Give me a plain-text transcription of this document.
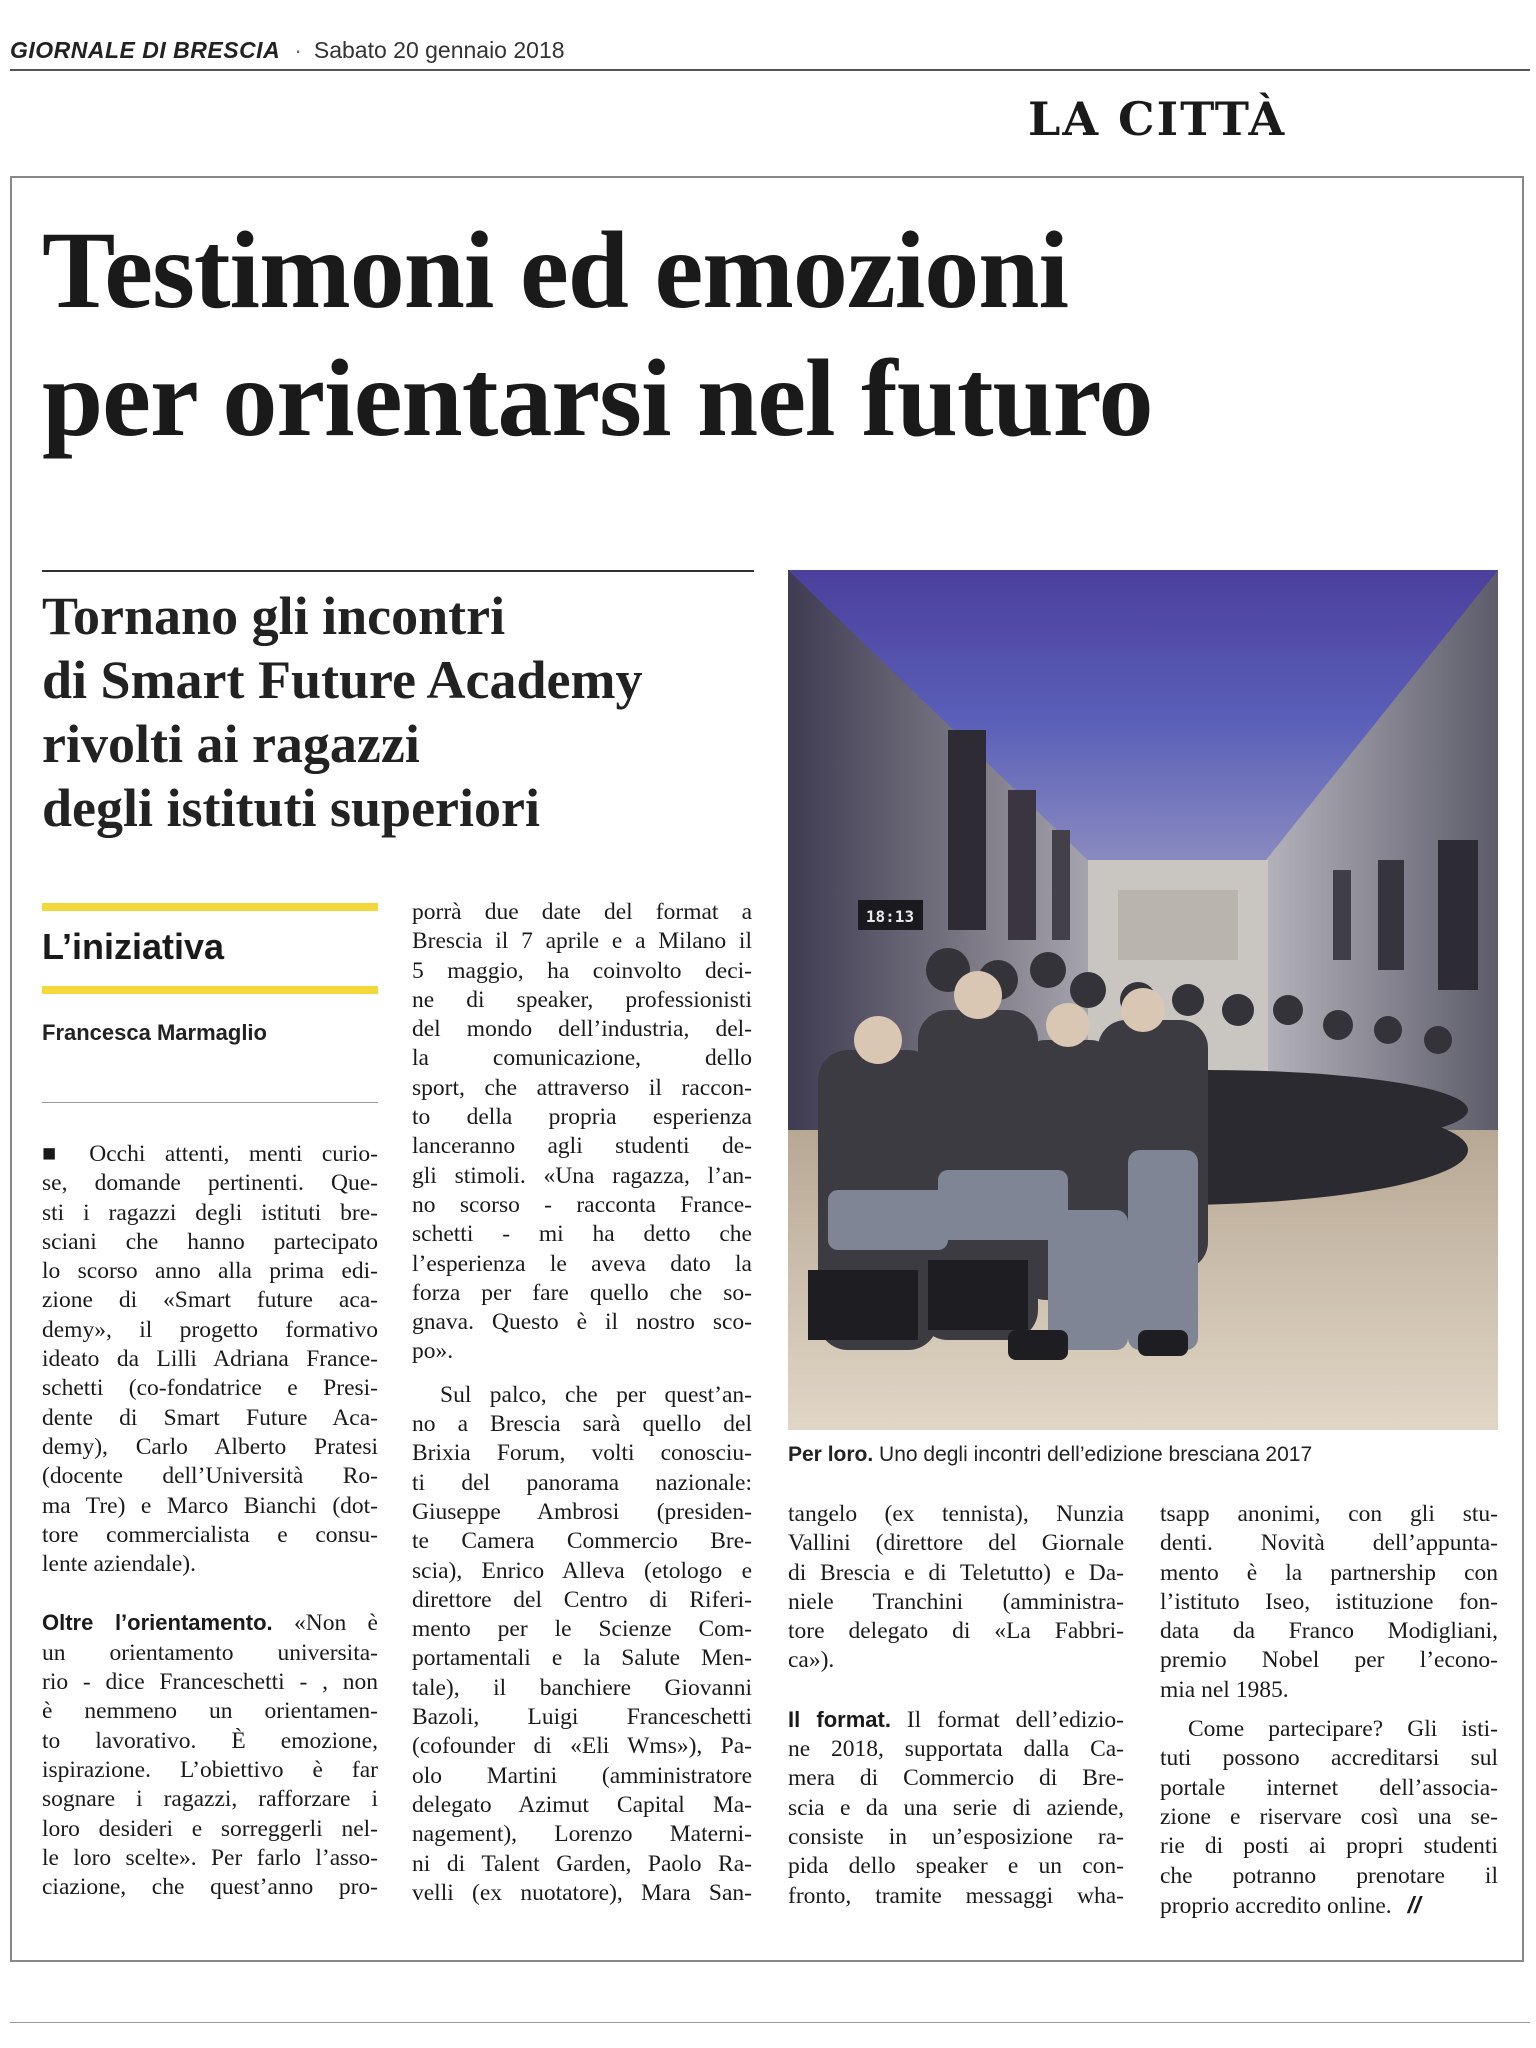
GIORNALE DI BRESCIA · Sabato 20 gennaio 2018
LA CITTÀ
Testimoni ed emozioni
per orientarsi nel futuro
Tornano gli incontri
di Smart Future Academy
rivolti ai ragazzi
degli istituti superiori
18:13
Per loro. Uno degli incontri dell’edizione bresciana 2017
L’iniziativa
Francesca Marmaglio
■ Occhi attenti, menti curio-
se, domande pertinenti. Que-
sti i ragazzi degli istituti bre-
sciani che hanno partecipato
lo scorso anno alla prima edi-
zione di «Smart future aca-
demy», il progetto formativo
ideato da Lilli Adriana France-
schetti (co-fondatrice e Presi-
dente di Smart Future Aca-
demy), Carlo Alberto Pratesi
(docente dell’Università Ro-
ma Tre) e Marco Bianchi (dot-
tore commercialista e consu-
lente aziendale).
Oltre l’orientamento. «Non è
un orientamento universita-
rio - dice Franceschetti - , non
è nemmeno un orientamen-
to lavorativo. È emozione,
ispirazione. L’obiettivo è far
sognare i ragazzi, rafforzare i
loro desideri e sorreggerli nel-
le loro scelte». Per farlo l’asso-
ciazione, che quest’anno pro-
porrà due date del format a
Brescia il 7 aprile e a Milano il
5 maggio, ha coinvolto deci-
ne di speaker, professionisti
del mondo dell’industria, del-
la comunicazione, dello
sport, che attraverso il raccon-
to della propria esperienza
lanceranno agli studenti de-
gli stimoli. «Una ragazza, l’an-
no scorso - racconta France-
schetti - mi ha detto che
l’esperienza le aveva dato la
forza per fare quello che so-
gnava. Questo è il nostro sco-
po».
Sul palco, che per quest’an-
no a Brescia sarà quello del
Brixia Forum, volti conosciu-
ti del panorama nazionale:
Giuseppe Ambrosi (presiden-
te Camera Commercio Bre-
scia), Enrico Alleva (etologo e
direttore del Centro di Riferi-
mento per le Scienze Com-
portamentali e la Salute Men-
tale), il banchiere Giovanni
Bazoli, Luigi Franceschetti
(cofounder di «Eli Wms»), Pa-
olo Martini (amministratore
delegato Azimut Capital Ma-
nagement), Lorenzo Materni-
ni di Talent Garden, Paolo Ra-
velli (ex nuotatore), Mara San-
tangelo (ex tennista), Nunzia
Vallini (direttore del Giornale
di Brescia e di Teletutto) e Da-
niele Tranchini (amministra-
tore delegato di «La Fabbri-
ca»).
Il format. Il format dell’edizio-
ne 2018, supportata dalla Ca-
mera di Commercio di Bre-
scia e da una serie di aziende,
consiste in un’esposizione ra-
pida dello speaker e un con-
fronto, tramite messaggi wha-
tsapp anonimi, con gli stu-
denti. Novità dell’appunta-
mento è la partnership con
l’istituto Iseo, istituzione fon-
data da Franco Modigliani,
premio Nobel per l’econo-
mia nel 1985.
Come partecipare? Gli isti-
tuti possono accreditarsi sul
portale internet dell’associa-
zione e riservare così una se-
rie di posti ai propri studenti
che potranno prenotare il
proprio accredito online. //
